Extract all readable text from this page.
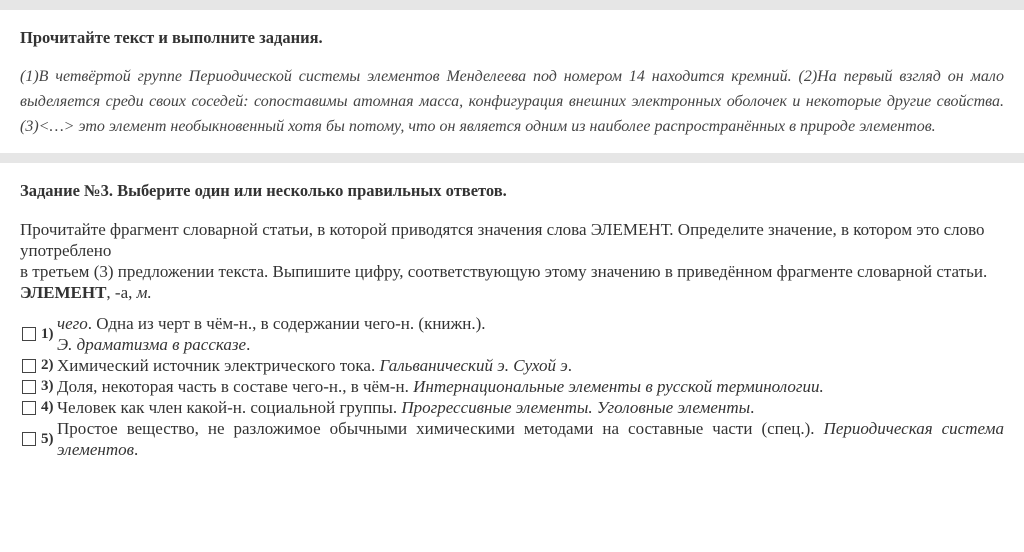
Прочитайте текст и выполните задания.
(1)В четвёртой группе Периодической системы элементов Менделеева под номером 14 находится кремний. (2)На первый взгляд он мало выделяется среди своих соседей: сопоставимы атомная масса, конфигурация внешних электронных оболочек и некоторые другие свойства. (3)<…> это элемент необыкновенный хотя бы потому, что он является одним из наиболее распространённых в природе элементов.
Задание №3. Выберите один или несколько правильных ответов.
Прочитайте фрагмент словарной статьи, в которой приводятся значения слова ЭЛЕМЕНТ. Определите значение, в котором это слово употреблено
в третьем (3) предложении текста. Выпишите цифру, соответствующую этому значению в приведённом фрагменте словарной статьи.
ЭЛЕМЕНТ, -а, м.
1)
чего. Одна из черт в чём-н., в содержании чего-н. (книжн.).
Э. драматизма в рассказе.
2) Химический источник электрического тока. Гальванический э. Сухой э.
3) Доля, некоторая часть в составе чего-н., в чём-н. Интернациональные элементы в русской терминологии.
4) Человек как член какой-н. социальной группы. Прогрессивные элементы. Уголовные элементы.
5)
Простое вещество, не разложимое обычными химическими методами на составные части (спец.). Периодическая система элементов.
